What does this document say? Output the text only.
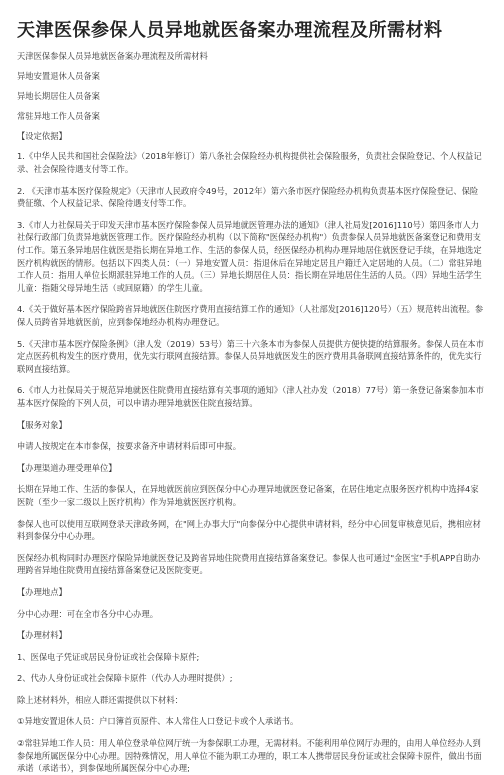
天津医保参保人员异地就医备案办理流程及所需材料

天津医保参保人员异地就医备案办理流程及所需材料

异地安置退休人员备案

异地长期居住人员备案

常驻异地工作人员备案

【设定依据】

1.《中华人民共和国社会保险法》（2018年修订）第八条社会保险经办机构提供社会保险服务，负责社会保险登记、个人权益记录、社会保险待遇支付等工作。

2. 《天津市基本医疗保险规定》（天津市人民政府令49号，2012年）第六条市医疗保险经办机构负责基本医疗保险登记、保险费征缴、个人权益记录、保险待遇支付等工作。

3.《市人力社保局关于印发天津市基本医疗保险参保人员异地就医管理办法的通知》（津人社局发[2016]110号）第四条市人力社保行政部门负责异地就医管理工作。医疗保险经办机构（以下简称"医保经办机构"）负责参保人员异地就医备案登记和费用支付工作。第五条异地居住就医是指长期在异地工作、生活的参保人员，经医保经办机构办理异地居住就医登记手续，在异地选定医疗机构就医的情形。包括以下四类人员：（一）异地安置人员：指退休后在异地定居且户籍迁入定居地的人员。（二）常驻异地工作人员：指用人单位长期派驻异地工作的人员。（三）异地长期居住人员：指长期在异地居住生活的人员。（四）异地生活学生儿童：指随父母异地生活（或回原籍）的学生儿童。

4.《关于做好基本医疗保险跨省异地就医住院医疗费用直接结算工作的通知》（人社部发[2016]120号）（五）规范转出流程。参保人员跨省异地就医前，应到参保地经办机构办理登记。

5.《天津市基本医疗保险条例》（津人发（2019）53号）第三十六条本市为参保人员提供方便快捷的结算服务。参保人员在本市定点医药机构发生的医疗费用，优先实行联网直接结算。参保人员异地就医发生的医疗费用具备联网直接结算条件的，优先实行联网直接结算。

6.《市人力社保局关于规范异地就医住院费用直接结算有关事项的通知》（津人社办发（2018）77号）第一条登记备案参加本市基本医疗保险的下列人员，可以申请办理异地就医住院直接结算。

【服务对象】

申请人按规定在本市参保，按要求备齐申请材料后即可申报。

【办理渠道办理受理单位】

长期在异地工作、生活的参保人，在异地就医前应到医保分中心办理异地就医登记备案，在居住地定点服务医疗机构中选择4家医院（至少一家二级以上医疗机构）作为异地就医医疗机构。

参保人也可以使用互联网登录天津政务网，在"网上办事大厅"向参保分中心提供申请材料，经分中心回复审核意见后，携相应材料到参保分中心办理。

医保经办机构同时办理医疗保险异地就医登记及跨省异地住院费用直接结算备案登记。参保人也可通过"金医宝"手机APP自助办理跨省异地住院费用直接结算备案登记及医院变更。

【办理地点】

分中心办理：可在全市各分中心办理。

【办理材料】

1、医保电子凭证或居民身份证或社会保障卡原件;

2、代办人身份证或社会保障卡原件（代办人办理时提供）;

除上述材料外，相应人群还需提供以下材料：

①异地安置退休人员：户口簿首页原件、本人常住人口登记卡或个人承诺书。

②常驻异地工作人员：用人单位登录单位网厅统一为参保职工办理，无需材料。不能利用单位网厅办理的，由用人单位经办人到参保地所属医保分中心办理。因特殊情况，用人单位不能为职工办理的，职工本人携带居民身份证或社会保障卡原件，做出书面承诺（承诺书），到参保地所属医保分中心办理;
